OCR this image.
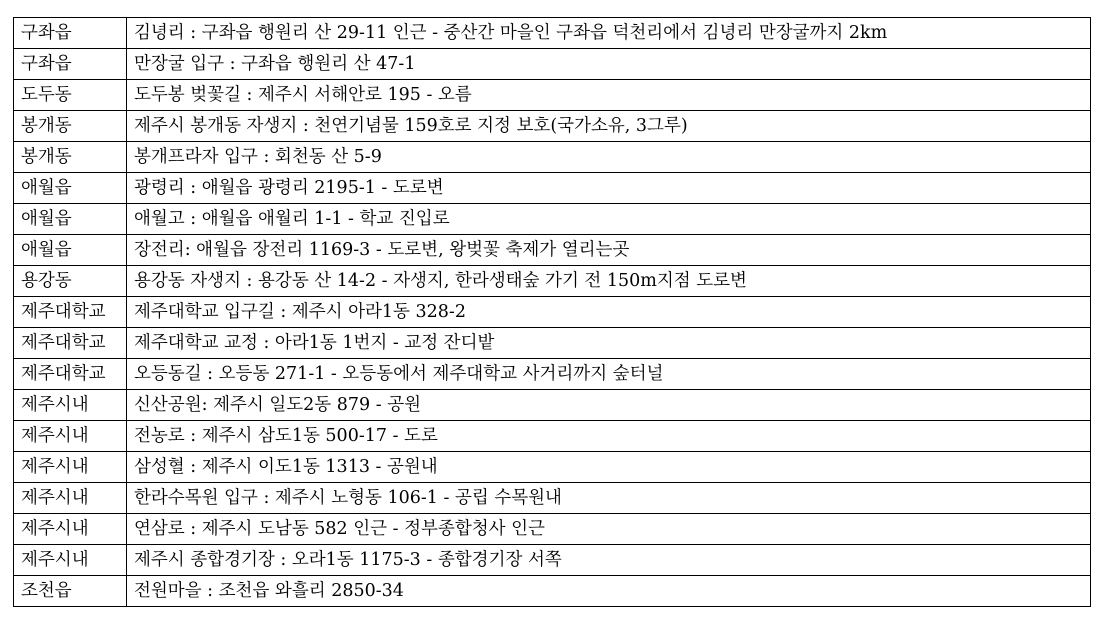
구좌읍	김녕리 : 구좌읍 행원리 산 29-11 인근 - 중산간 마을인 구좌읍 덕천리에서 김녕리 만장굴까지 2km
구좌읍	만장굴 입구 : 구좌읍 행원리 산 47-1
도두동	도두봉 벚꽃길 : 제주시 서해안로 195 - 오름
봉개동	제주시 봉개동 자생지 : 천연기념물 159호로 지정 보호(국가소유, 3그루)
봉개동	봉개프라자 입구 : 회천동 산 5-9
애월읍	광령리 : 애월읍 광령리 2195-1 - 도로변
애월읍	애월고 : 애월읍 애월리 1-1 - 학교 진입로
애월읍	장전리: 애월읍 장전리 1169-3 - 도로변, 왕벚꽃 축제가 열리는곳
용강동	용강동 자생지 : 용강동 산 14-2 - 자생지, 한라생태숲 가기 전 150m지점 도로변
제주대학교	제주대학교 입구길 : 제주시 아라1동 328-2
제주대학교	제주대학교 교정 : 아라1동 1번지 - 교정 잔디밭
제주대학교	오등동길 : 오등동 271-1 - 오등동에서 제주대학교 사거리까지 숲터널
제주시내	신산공원: 제주시 일도2동 879 - 공원
제주시내	전농로 : 제주시 삼도1동 500-17 - 도로
제주시내	삼성혈 : 제주시 이도1동 1313 - 공원내
제주시내	한라수목원 입구 : 제주시 노형동 106-1 - 공립 수목원내
제주시내	연삼로 : 제주시 도남동 582 인근 - 정부종합청사 인근
제주시내	제주시 종합경기장 : 오라1동 1175-3 - 종합경기장 서쪽
조천읍	전원마을 : 조천읍 와흘리 2850-34
